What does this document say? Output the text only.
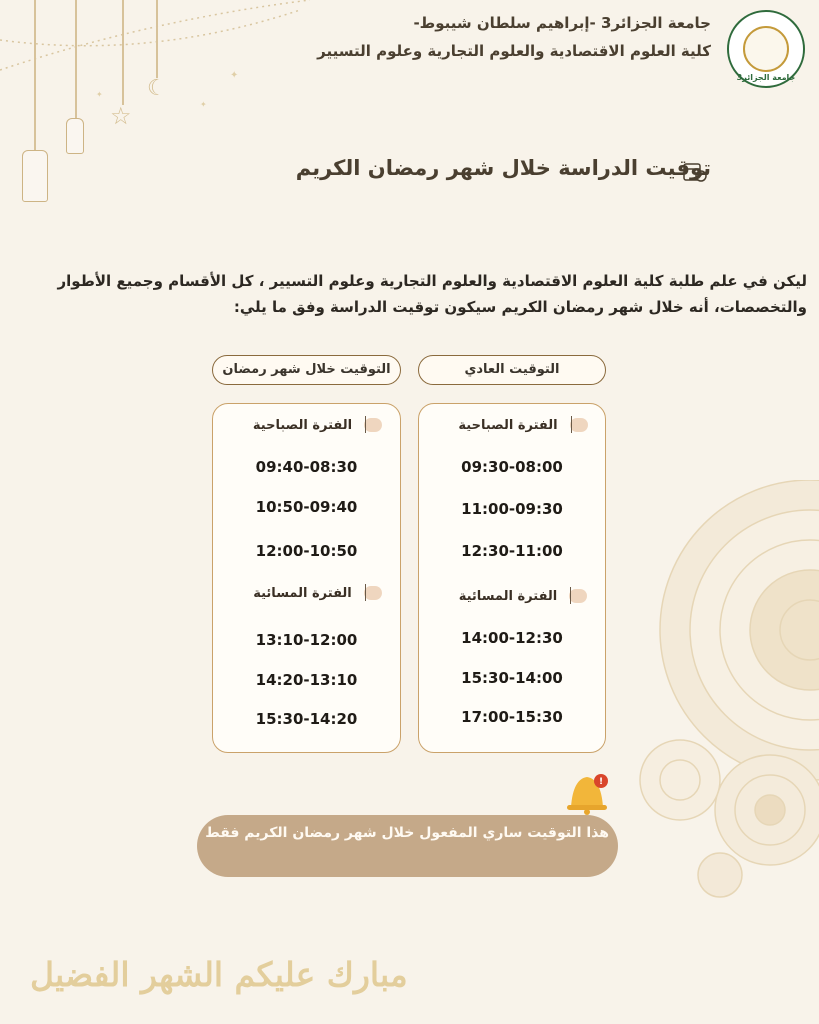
☆
☾
✦
✦
✦
جامعة الجزائر3
جامعة الجزائر3 -إبراهيم سلطان شيبوط-
كلية العلوم الاقتصادية والعلوم التجارية وعلوم التسيير
توقيت الدراسة خلال شهر رمضان الكريم
ليكن في علم طلبة كلية العلوم الاقتصادية والعلوم التجارية وعلوم التسيير ، كل الأقسام وجميع الأطوار والتخصصات، أنه خلال شهر رمضان الكريم سيكون توقيت الدراسة وفق ما يلي:
التوقيت العادي
التوقيت خلال شهر رمضان
الفترة الصباحية
09:30-08:00
11:00-09:30
12:30-11:00
الفترة المسائية
14:00-12:30
15:30-14:00
17:00-15:30
الفترة الصباحية
09:40-08:30
10:50-09:40
12:00-10:50
الفترة المسائية
13:10-12:00
14:20-13:10
15:30-14:20
!
هذا التوقيت ساري المفعول خلال شهر رمضان الكريم فقط
مبارك عليكم الشهر الفضيل
